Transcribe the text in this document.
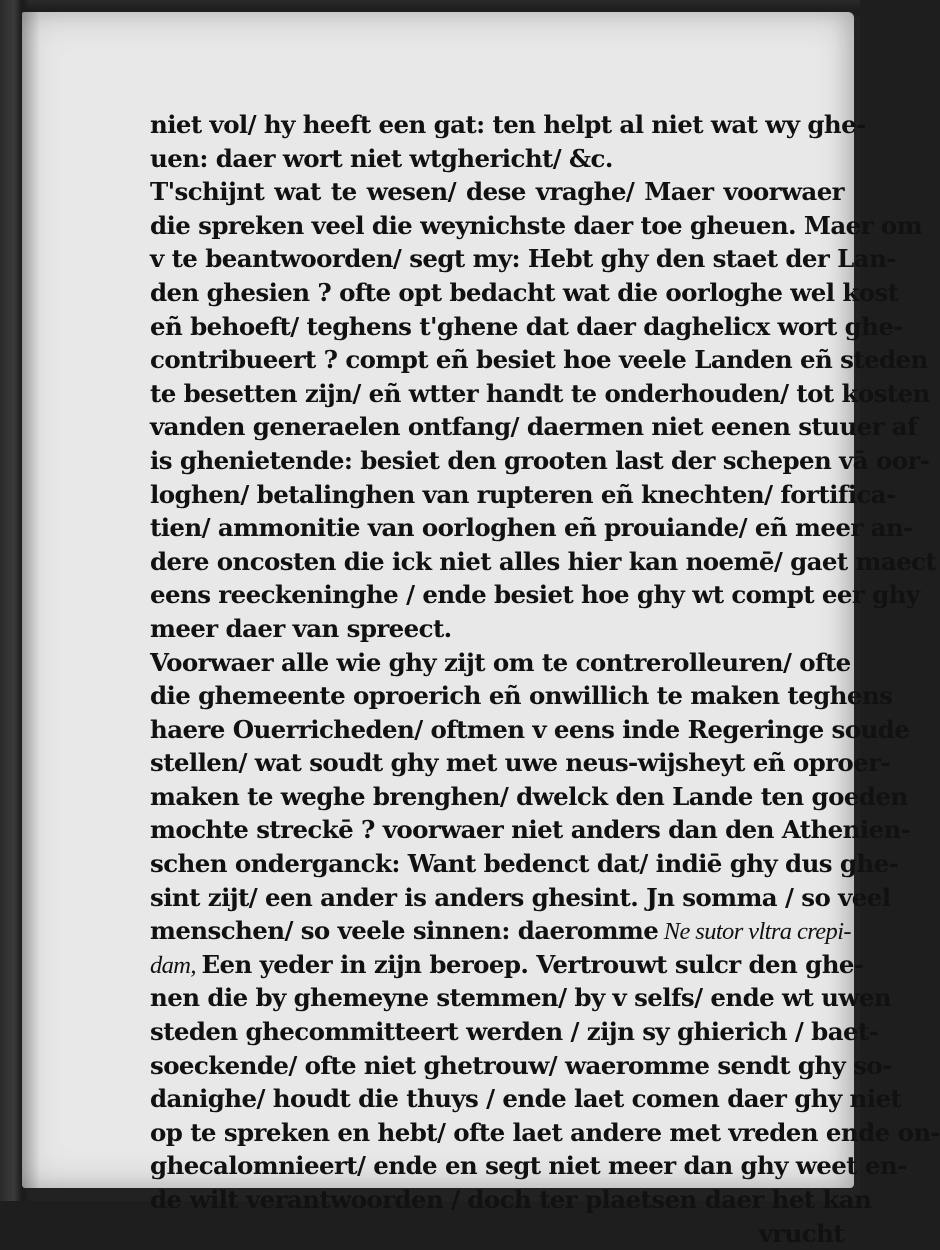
niet vol/ hy heeft een gat: ten helpt al niet wat wy ghe-
uen: daer wort niet wtghericht/ &c.
T'schijnt wat te wesen/ dese vraghe/ Maer voorwaer
die spreken veel die weynichste daer toe gheuen. Maer om
v te beantwoorden/ segt my: Hebt ghy den staet der Lan-
den ghesien ? ofte opt bedacht wat die oorloghe wel kost
eñ behoeft/ teghens t'ghene dat daer daghelicx wort ghe-
contribueert ? compt eñ besiet hoe veele Landen eñ steden
te besetten zijn/ eñ wtter handt te onderhouden/ tot kosten
vanden generaelen ontfang/ daermen niet eenen stuuer af
is ghenietende: besiet den grooten last der schepen vā oor-
loghen/ betalinghen van rupteren eñ knechten/ fortifica-
tien/ ammonitie van oorloghen eñ prouiande/ eñ meer an-
dere oncosten die ick niet alles hier kan noemē/ gaet maect
eens reeckeninghe / ende besiet hoe ghy wt compt eer ghy
meer daer van spreect.
Voorwaer alle wie ghy zijt om te contrerolleuren/ ofte
die ghemeente oproerich eñ onwillich te maken teghens
haere Ouerricheden/ oftmen v eens inde Regeringe soude
stellen/ wat soudt ghy met uwe neus-wijsheyt eñ oproer-
maken te weghe brenghen/ dwelck den Lande ten goeden
mochte streckē ? voorwaer niet anders dan den Athenien-
schen onderganck: Want bedenct dat/ indiē ghy dus ghe-
sint zijt/ een ander is anders ghesint. Jn somma / so veel
menschen/ so veele sinnen: daeromme Ne sutor vltra crepi-
dam, Een yeder in zijn beroep. Vertrouwt sulcr den ghe-
nen die by ghemeyne stemmen/ by v selfs/ ende wt uwen
steden ghecommitteert werden / zijn sy ghierich / baet-
soeckende/ ofte niet ghetrouw/ waeromme sendt ghy so-
danighe/ houdt die thuys / ende laet comen daer ghy niet
op te spreken en hebt/ ofte laet andere met vreden ende on-
ghecalomnieert/ ende en segt niet meer dan ghy weet en-
de wilt verantwoorden / doch ter plaetsen daer het kan
vrucht
